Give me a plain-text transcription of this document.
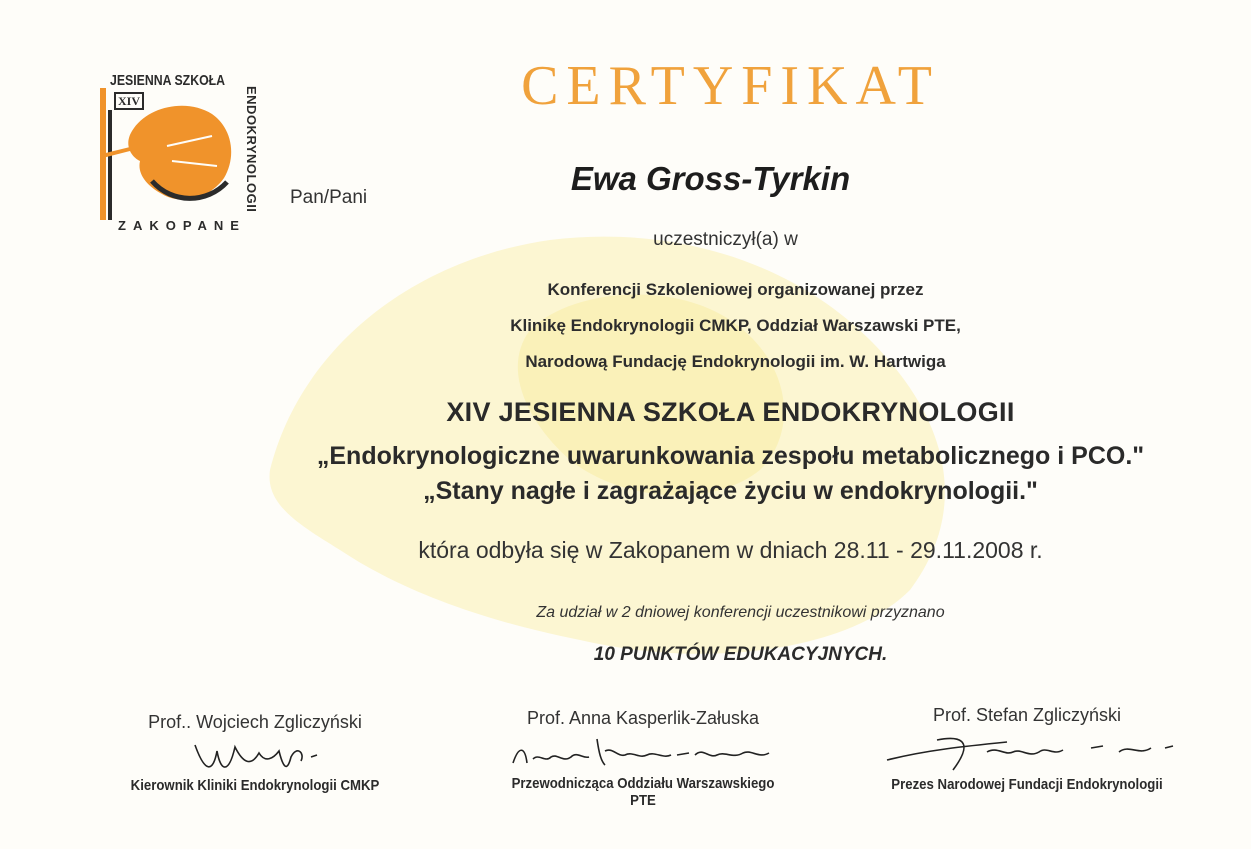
JESIENNA SZKOŁA
XIV	ENDOKRYNOLOGII
ZAKOPANE
CERTYFIKAT
Pan/Pani
Ewa Gross-Tyrkin
uczestniczył(a) w
Konferencji Szkoleniowej organizowanej przez
Klinikę Endokrynologii CMKP, Oddział Warszawski PTE,
Narodową Fundację Endokrynologii im. W. Hartwiga
XIV JESIENNA SZKOŁA ENDOKRYNOLOGII
„Endokrynologiczne uwarunkowania zespołu metabolicznego i PCO."
„Stany nagłe i zagrażające życiu w endokrynologii."
która odbyła się w Zakopanem w dniach 28.11 - 29.11.2008 r.
Za udział w 2 dniowej konferencji uczestnikowi przyznano
10 PUNKTÓW EDUKACYJNYCH.
Prof.. Wojciech Zgliczyński
Kierownik Kliniki Endokrynologii CMKP
Prof. Anna Kasperlik-Załuska
Przewodnicząca Oddziału Warszawskiego PTE
Prof. Stefan Zgliczyński
Prezes Narodowej Fundacji Endokrynologii
